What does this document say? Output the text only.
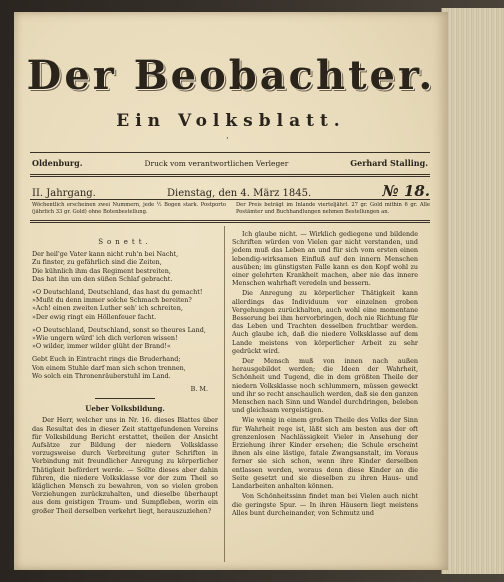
Der Beobachter.
Ein Volksblatt.
·
Oldenburg.	Druck vom verantwortlichen Verleger	Gerhard Stalling.
II. Jahrgang.	Dienstag, den 4. März 1845.	№ 18.
Wöchentlich erscheinen zwei Nummern, jede ½ Bogen stark. Postporto (jährlich 33 gr. Gold) ohne Botenbestellung.
Der Preis beträgt im Inlande vierteljährl. 27 gr. Gold mithin 6 gr. Alle Postämter und Buchhandlungen nehmen Bestellungen an.
Sonett.
Der heil'ge Vater kann nicht ruh'n bei Nacht,
Zu finster, zu gefährlich sind die Zeiten,
Die kühnlich ihm das Regiment bestreiten,
Das hat ihn um den süßen Schlaf gebracht.
»O Deutschland, Deutschland, das hast du gemacht!
»Mußt du denn immer solche Schmach bereiten?
»Ach! einen zweiten Luther seh' ich schreiten,
»Der ewig ringt ein Höllenfeuer facht.
»O Deutschland, Deutschland, sonst so theures Land,
»Wie ungern würd' ich dich verloren wissen!
»O wilder, immer wilder glüht der Brand!«
Gebt Euch in Eintracht rings die Bruderhand;
Von einem Stuhle darf man sich schon trennen,
Wo solch ein Thronenräuberstuhl im Land.
B. M.
Ueber Volksbildung.
Der Herr, welcher uns in Nr. 16. dieses Blattes über das Resultat des in dieser Zeit stattgefundenen Vereins für Volksbildung Bericht erstattet, theilen der Ansicht Aufsätze zur Bildung der niedern Volksklasse vorzugsweise durch Verbreitung guter Schriften in Verbindung mit freundlicher Anregung zu körperlicher Thätigkeit befördert werde. — Sollte dieses aber dahin führen, die niedere Volksklasse vor der zum Theil so kläglichen Mensch zu bewahren, von so vielen groben Verziehungen zurückzuhalten, und dieselbe überhaupt aus dem geistigen Traum- und Sumpfleben, worin ein großer Theil derselben verkehrt liegt, herauszuziehen?
Ich glaube nicht. — Wirklich gediegene und bildende Schriften würden von Vielen gar nicht verstanden, und jedem muß das Leben an und für sich vom ersten einen lebendig-wirksamen Einfluß auf den innern Menschen ausüben; im günstigsten Falle kann es den Kopf wohl zu einer gelehrten Krankheit machen, aber nie das innere Menschen wahrhaft veredeln und bessern.
Die Anregung zu körperlicher Thätigkeit kann allerdings das Individuum vor einzelnen groben Vergehungen zurückhalten, auch wohl eine momentane Besserung bei ihm hervorbringen, doch nie Richtung für das Leben und Trachten desselben fruchtbar werden. Auch glaube ich, daß die niedere Volksklasse auf dem Lande meistens von körperlicher Arbeit zu sehr gedrückt wird.
Der Mensch muß von innen nach außen herausgebildet werden; die Ideen der Wahrheit, Schönheit und Tugend, die in dem größten Theile der niedern Volksklasse noch schlummern, müssen geweckt und ihr so recht anschaulich werden, daß sie den ganzen Menschen nach Sinn und Wandel durchdringen, beleben und gleichsam vergeistigen.
Wie wenig in einem großen Theile des Volks der Sinn für Wahrheit rege ist, läßt sich am besten aus der oft grenzenlosen Nachlässigkeit Vieler in Ansehung der Erziehung ihrer Kinder ersehen; die Schule erscheint ihnen als eine lästige, fatale Zwangsanstalt, im Voraus ferner sie sich schon, wenn ihre Kinder derselben entlassen werden, woraus denn diese Kinder an die Seite gesetzt und sie dieselben zu ihren Haus- und Landarbeiten anhalten können.
Von Schönheitssinn findet man bei Vielen auch nicht die geringste Spur. — In ihren Häusern liegt meistens Alles bunt durcheinander, von Schmutz und
